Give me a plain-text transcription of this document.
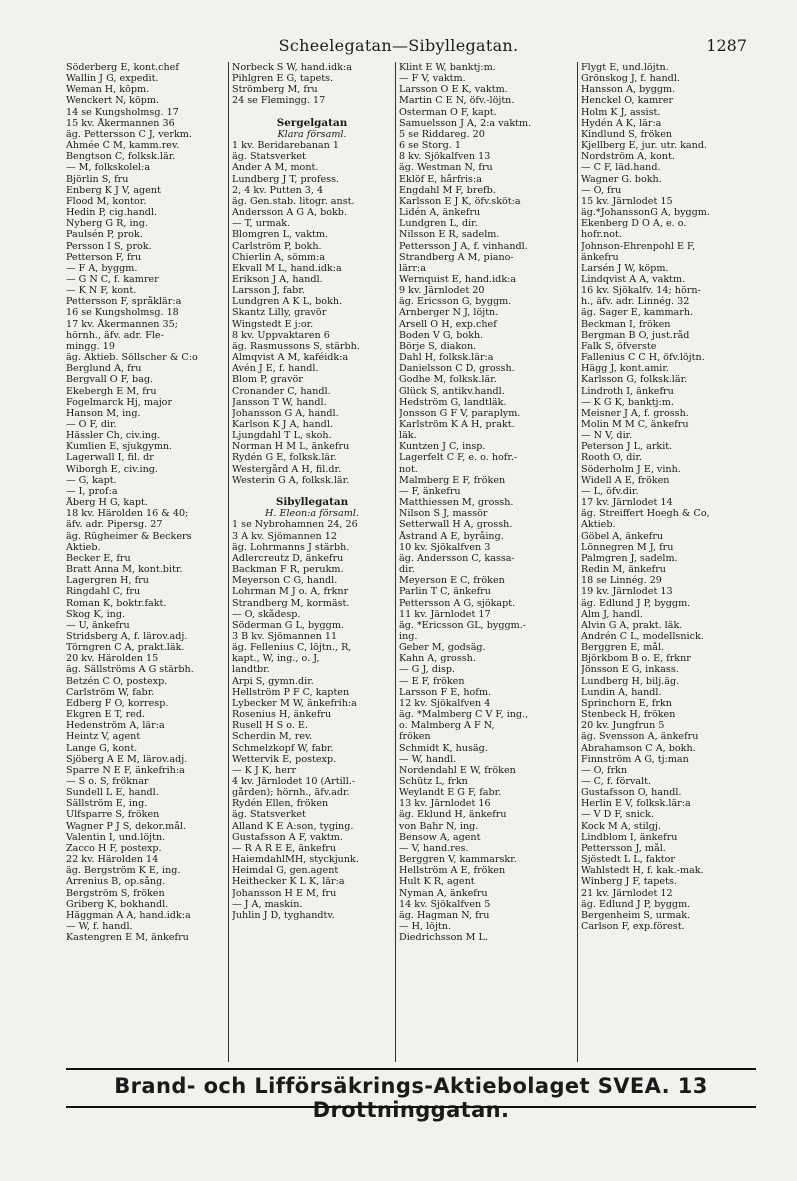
Scheelegatan—Sibyllegatan.	1287
Söderberg E, kont.chef
Wallin J G, expedit.
Weman H, köpm.
Wenckert N, köpm.
14 se Kungsholmsg. 17
15 kv. Åkermannen 36
äg. Pettersson C J, verkm.
Ahmée C M, kamm.rev.
Bengtson C, folksk.lär.
— M, folkskolel:a
Björlin S, fru
Enberg K J V, agent
Flood M, kontor.
Hedin P, cig.handl.
Nyberg G R, ing.
Paulsén P, prok.
Persson I S, prok.
Petterson F, fru
— F A, byggm.
— G N C, f. kamrer
— K N F, kont.
Pettersson F, språklär:a
16 se Kungsholmsg. 18
17 kv. Åkermannen 35;
hörnh., äfv. adr. Fle-
mingg. 19
äg. Aktieb. Söllscher & C:o
Berglund A, fru
Bergvall O F, bag.
Ekebergh E M, fru
Fogelmarck Hj, major
Hanson M, ing.
— O F, dir.
Hässler Ch, civ.ing.
Kumlien E, sjukgymn.
Lagerwall I, fil. dr
Wiborgh E, civ.ing.
— G, kapt.
— I, prof:a
Åberg H G, kapt.
18 kv. Härolden 16 & 40;
äfv. adr. Pipersg. 27
äg. Rügheimer & Beckers
Aktieb.
Becker E, fru
Bratt Anna M, kont.bitr.
Lagergren H, fru
Ringdahl C, fru
Roman K, boktr.fakt.
Skog K, ing.
— U, änkefru
Stridsberg A, f. lärov.adj.
Törngren C A, prakt.läk.
20 kv. Härolden 15
äg. Sällströms A G stärbh.
Betzén C O, postexp.
Carlström W, fabr.
Edberg F O, korresp.
Ekgren E T, red.
Hedenström A, lär:a
Heintz V, agent
Lange G, kont.
Sjöberg A E M, lärov.adj.
Sparre N E F, änkefrih:a
— S o. S, fröknar
Sundell L E, handl.
Sällström E, ing.
Ulfsparre S, fröken
Wagner P J S, dekor.mål.
Valentin I, und.löjtn.
Zacco H F, postexp.
22 kv. Härolden 14
äg. Bergström K E, ing.
Arrenius B, op.sång.
Bergström S, fröken
Griberg K, bokhandl.
Häggman A A, hand.idk:a
— W, f. handl.
Kastengren E M, änkefru
Norbeck S W, hand.idk:a
Pihlgren E G, tapets.
Strömberg M, fru
24 se Flemingg. 17

Sergelgatan
Klara församl.
1 kv. Beridarebanan 1
äg. Statsverket
Ander A M, mont.
Lundberg J T, profess.
2, 4 kv. Putten 3, 4
äg. Gen.stab. litogr. anst.
Andersson A G A, bokb.
— T, urmak.
Blomgren L, vaktm.
Carlström P, bokh.
Chierlin A, sömm:a
Ekvall M L, hand.idk:a
Erikson J A, handl.
Larsson J, fabr.
Lundgren A K L, bokh.
Skantz Lilly, gravör
Wingstedt E j:or.
8 kv. Uppvaktaren 6
äg. Rasmussons S, stärbh.
Almqvist A M, kaféidk:a
Avén J E, f. handl.
Blom P, gravör
Cronander C, handl.
Jansson T W, handl.
Johansson G A, handl.
Karlson K J A, handl.
Ljungdahl T L, skoh.
Norman H M L, änkefru
Rydén G E, folksk.lär.
Westergård A H, fil.dr.
Westerin G A, folksk.lär.

Sibyllegatan
H. Eleon:a församl.
1 se Nybrohamnen 24, 26
3 A kv. Sjömannen 12
äg. Lohrmanns J stärbh.
Adlercreutz D, änkefru
Backman F R, perukm.
Meyerson C G, handl.
Lohrman M J o. A, frknr
Strandberg M, kormäst.
— O, skådesp.
Söderman G L, byggm.
3 B kv. Sjömannen 11
äg. Fellenius C, löjtn., R,
kapt., W, ing., o. J,
landtbr.
Arpi S, gymn.dir.
Hellström P F C, kapten
Lybecker M W, änkefrih:a
Rosenius H, änkefru
Rusell H S o. E.
Scherdin M, rev.
Schmelzkopf W, fabr.
Wettervik E, postexp.
— K J K, herr
4 kv. Järnlodet 10 (Artill.-
gården); hörnh., äfv.adr.
Rydén Ellen, fröken
äg. Statsverket
Alland K E A:son, tyging.
Gustafsson A F, vaktm.
— R A R E E, änkefru
HaiemdahlMH, styckjunk.
Heimdal G, gen.agent
Heithecker K L K, lär:a
Johansson H E M, fru
— J A, maskin.
Juhlin J D, tyghandtv.
Klint E W, banktj:m.
— F V, vaktm.
Larsson O E K, vaktm.
Martin C E N, öfv.-löjtn.
Osterman O F, kapt.
Samuelsson J A, 2:a vaktm.
5 se Riddareg. 20
6 se Storg. 1
8 kv. Sjökalfven 13
äg. Westman N, fru
Eklöf E, hårfris:a
Engdahl M F, brefb.
Karlsson E J K, öfv.sköt:a
Lidén A, änkefru
Lundgren L, dir.
Nilsson E R, sadelm.
Pettersson J A, f. vinhandl.
Strandberg A M, piano-
lärr:a
Wernquist E, hand.idk:a
9 kv. Järnlodet 20
äg. Ericsson G, byggm.
Arnberger N J, löjtn.
Arsell O H, exp.chef
Boden V G, bokh.
Börje S, diakon.
Dahl H, folksk.lär:a
Danielsson C D, grossh.
Godhe M, folksk.lär.
Glück S, antikv.handl.
Hedström G, landtläk.
Jonsson G F V, paraplym.
Karlström K A H, prakt.
läk.
Kuntzen J C, insp.
Lagerfelt C F, e. o. hofr.-
not.
Malmberg E F, fröken
— F, änkefru
Matthiessen M, grossh.
Nilson S J, massör
Setterwall H A, grossh.
Åstrand A E, byråing.
10 kv. Sjökalfven 3
äg. Andersson C, kassa-
dir.
Meyerson E C, fröken
Parlin T C, änkefru
Pettersson A G, sjökapt.
11 kv. Järnlodet 17
äg. *Ericsson GL, byggm.-
ing.
Geber M, godsäg.
Kahn A, grossh.
— G J, disp.
— E F, fröken
Larsson F E, hofm.
12 kv. Sjökalfven 4
äg. *Malmberg C V F, ing.,
o. Malmberg A F N,
fröken
Schmidt K, husäg.
— W, handl.
Nordendahl E W, fröken
Schütz L, frkn
Weylandt E G F, fabr.
13 kv. Järnlodet 16
äg. Eklund H, änkefru
von Bahr N, ing.
Bensow A, agent
— V, hand.res.
Berggren V, kammarskr.
Hellström A E, fröken
Hult K R, agent
Nyman A, änkefru
14 kv. Sjökalfven 5
äg. Hagman N, fru
— H, löjtn.
Diedrichsson M L.
Flygt E, und.löjtn.
Grönskog J, f. handl.
Hansson A, byggm.
Henckel O, kamrer
Holm K J, assist.
Hydén A K, lär:a
Kindlund S, fröken
Kjellberg E, jur. utr. kand.
Nordström A, kont.
— C F, läd.hand.
Wagner G. bokh.
— O, fru
15 kv. Järnlodet 15
äg.*JohanssonG A, byggm.
Ekenberg D O A, e. o.
hofr.not.
Johnson-Ehrenpohl E F,
änkefru
Larsén J W, köpm.
Lindqvist A A, vaktm.
16 kv. Sjökalfv. 14; hörn-
h., äfv. adr. Linnég. 32
äg. Sager E, kammarh.
Beckman I, fröken
Bergman B O, just.råd
Falk S, öfverste
Fallenius C C H, öfv.löjtn.
Hägg J, kont.amir.
Karlsson G, folksk.lär.
Lindroth I, änkefru
— K G K, banktj:m.
Meisner J A, f. grossh.
Molin M M C, änkefru
— N V, dir.
Peterson J L, arkit.
Rooth O, dir.
Söderholm J E, vinh.
Widell A E, fröken
— L, öfv.dir.
17 kv. Järnlodet 14
äg. Streiffert Hoegh & Co,
Aktieb.
Göbel A, änkefru
Lönnegren M J, fru
Palmgren J, sadelm.
Redin M, änkefru
18 se Linnég. 29
19 kv. Järnlodet 13
äg. Edlund J P, byggm.
Alm J, handl.
Alvin G A, prakt. läk.
Andrén C L, modellsnick.
Berggren E, mål.
Björkbom B o. E, frknr
Jönsson E G, inkass.
Lundberg H, bilj.äg.
Lundin A, handl.
Sprinchorn E, frkn
Stenbeck H, fröken
20 kv. Jungfrun 5
äg. Svensson A, änkefru
Abrahamson C A, bokh.
Finnström A G, tj:man
— O, frkn
— C, f. förvalt.
Gustafsson O, handl.
Herlin E V, folksk.lär:a
— V D F, snick.
Kock M A, stilgj.
Lindblom I, änkefru
Pettersson J, mål.
Sjöstedt L L, faktor
Wahlstedt H, f. kak.-mak.
Winberg J F, tapets.
21 kv. Järnlodet 12
äg. Edlund J P, byggm.
Bergenheim S, urmak.
Carlson F, exp.förest.
Brand- och Lifförsäkrings-Aktiebolaget SVEA. 13 Drottninggatan.
